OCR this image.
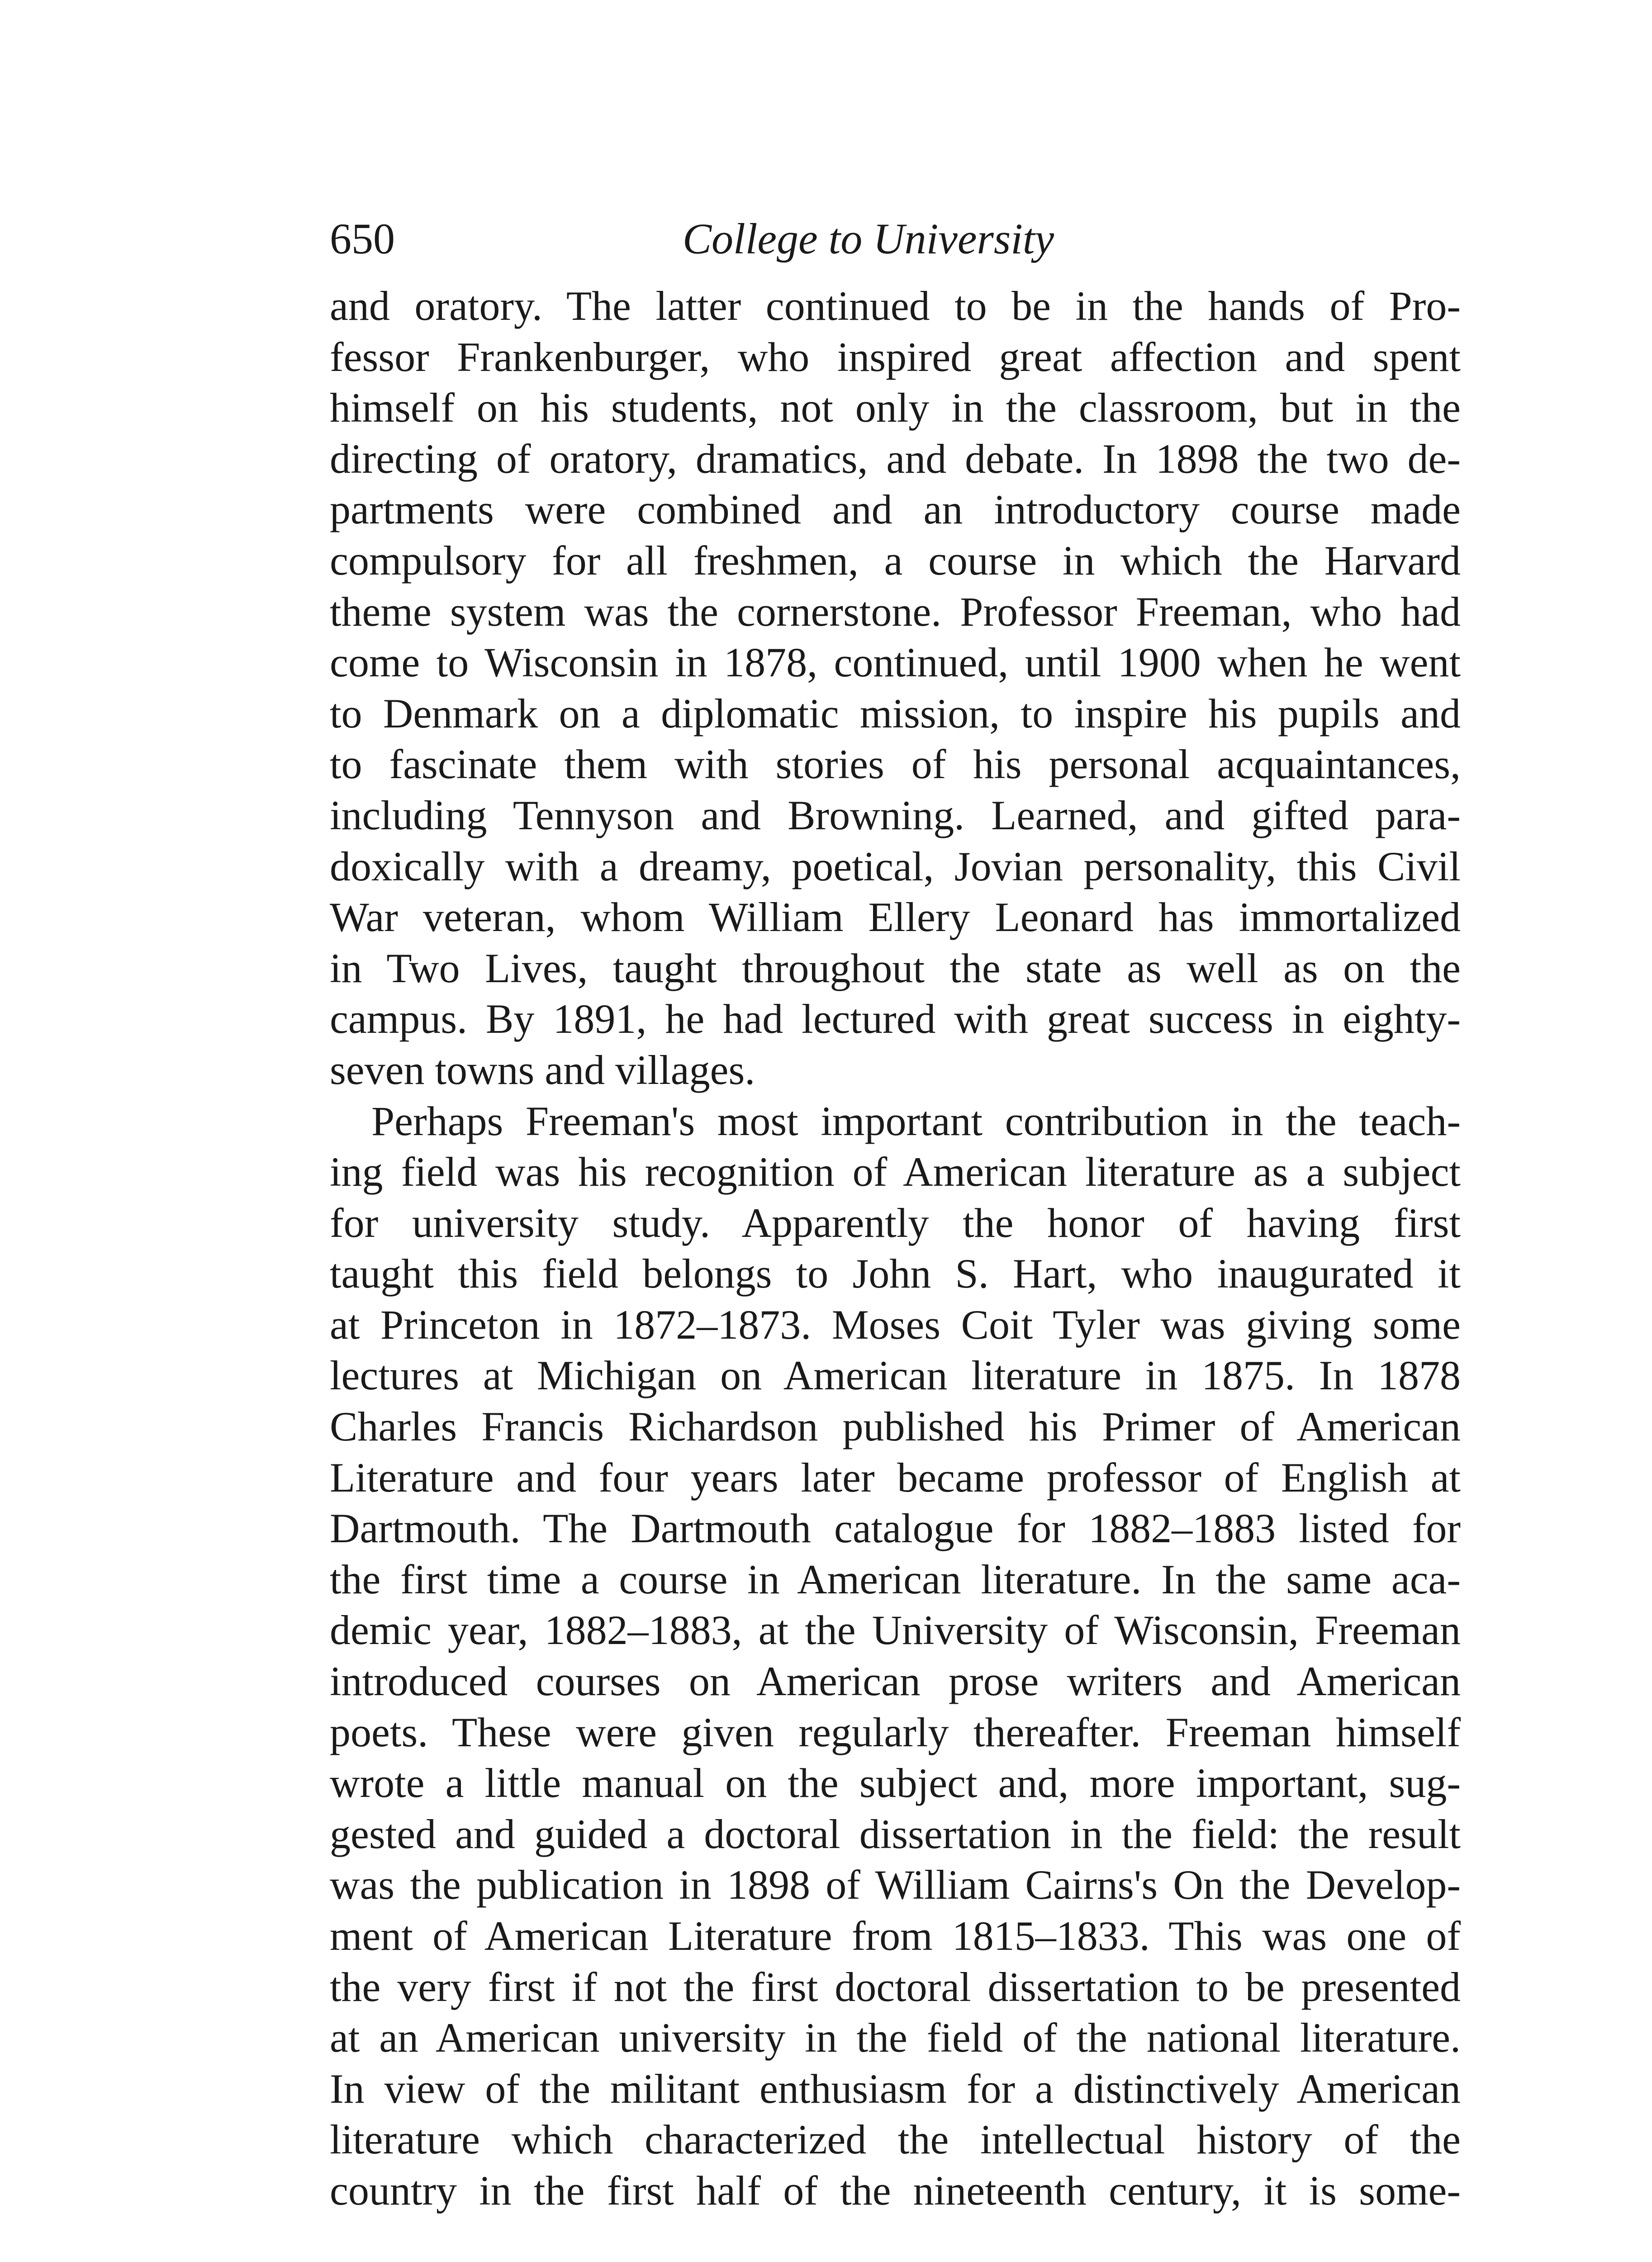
650	College to University
and oratory. The latter continued to be in the hands of Pro-
fessor Frankenburger, who inspired great affection and spent
himself on his students, not only in the classroom, but in the
directing of oratory, dramatics, and debate. In 1898 the two de-
partments were combined and an introductory course made
compulsory for all freshmen, a course in which the Harvard
theme system was the cornerstone. Professor Freeman, who had
come to Wisconsin in 1878, continued, until 1900 when he went
to Denmark on a diplomatic mission, to inspire his pupils and
to fascinate them with stories of his personal acquaintances,
including Tennyson and Browning. Learned, and gifted para-
doxically with a dreamy, poetical, Jovian personality, this Civil
War veteran, whom William Ellery Leonard has immortalized
in Two Lives, taught throughout the state as well as on the
campus. By 1891, he had lectured with great success in eighty-
seven towns and villages.
Perhaps Freeman's most important contribution in the teach-
ing field was his recognition of American literature as a subject
for university study. Apparently the honor of having first
taught this field belongs to John S. Hart, who inaugurated it
at Princeton in 1872–1873. Moses Coit Tyler was giving some
lectures at Michigan on American literature in 1875. In 1878
Charles Francis Richardson published his Primer of American
Literature and four years later became professor of English at
Dartmouth. The Dartmouth catalogue for 1882–1883 listed for
the first time a course in American literature. In the same aca-
demic year, 1882–1883, at the University of Wisconsin, Freeman
introduced courses on American prose writers and American
poets. These were given regularly thereafter. Freeman himself
wrote a little manual on the subject and, more important, sug-
gested and guided a doctoral dissertation in the field: the result
was the publication in 1898 of William Cairns's On the Develop-
ment of American Literature from 1815–1833. This was one of
the very first if not the first doctoral dissertation to be presented
at an American university in the field of the national literature.
In view of the militant enthusiasm for a distinctively American
literature which characterized the intellectual history of the
country in the first half of the nineteenth century, it is some-
